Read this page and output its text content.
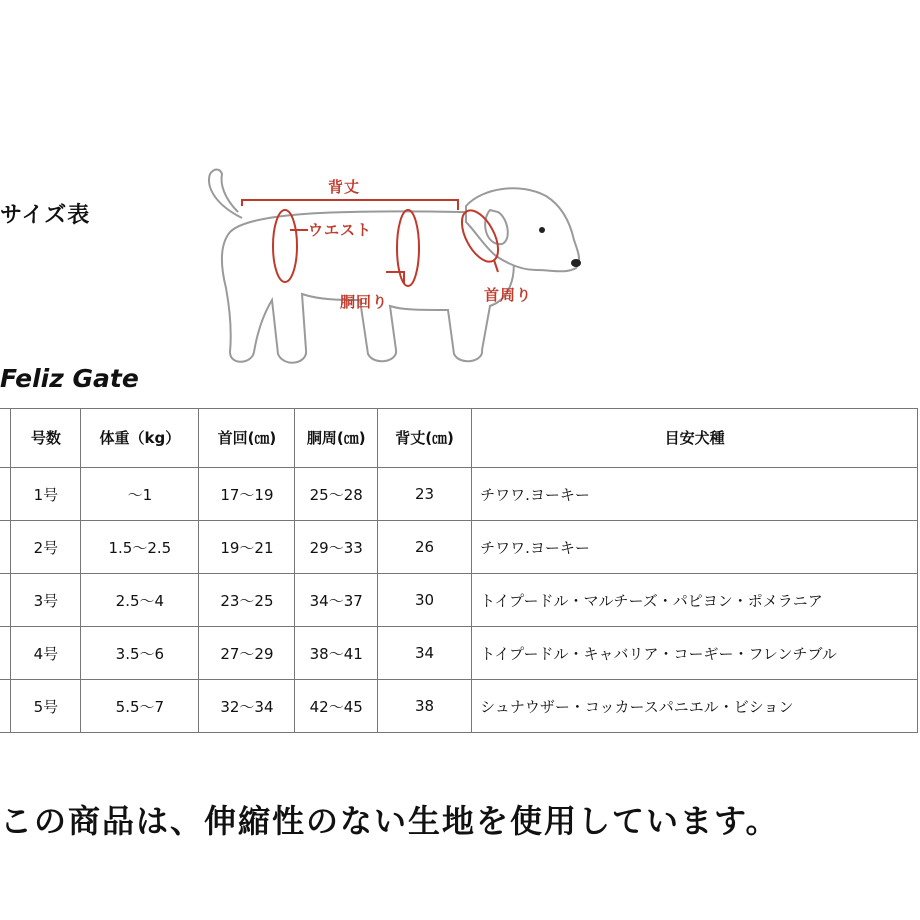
サイズ表
背丈
ウエスト
胴回り	首周り
Feliz Gate
	号数	体重（kg）	首回(㎝)	胴周(㎝)	背丈(㎝)	目安犬種
	1号	～1	17～19	25～28	23	チワワ.ヨーキー
	2号	1.5～2.5	19～21	29～33	26	チワワ.ヨーキー
	3号	2.5～4	23～25	34～37	30	トイプードル・マルチーズ・パピヨン・ポメラニア
	4号	3.5～6	27～29	38～41	34	トイプードル・キャバリア・コーギー・フレンチブル
	5号	5.5～7	32～34	42～45	38	シュナウザー・コッカースパニエル・ビション
この商品は、伸縮性のない生地を使用しています。
